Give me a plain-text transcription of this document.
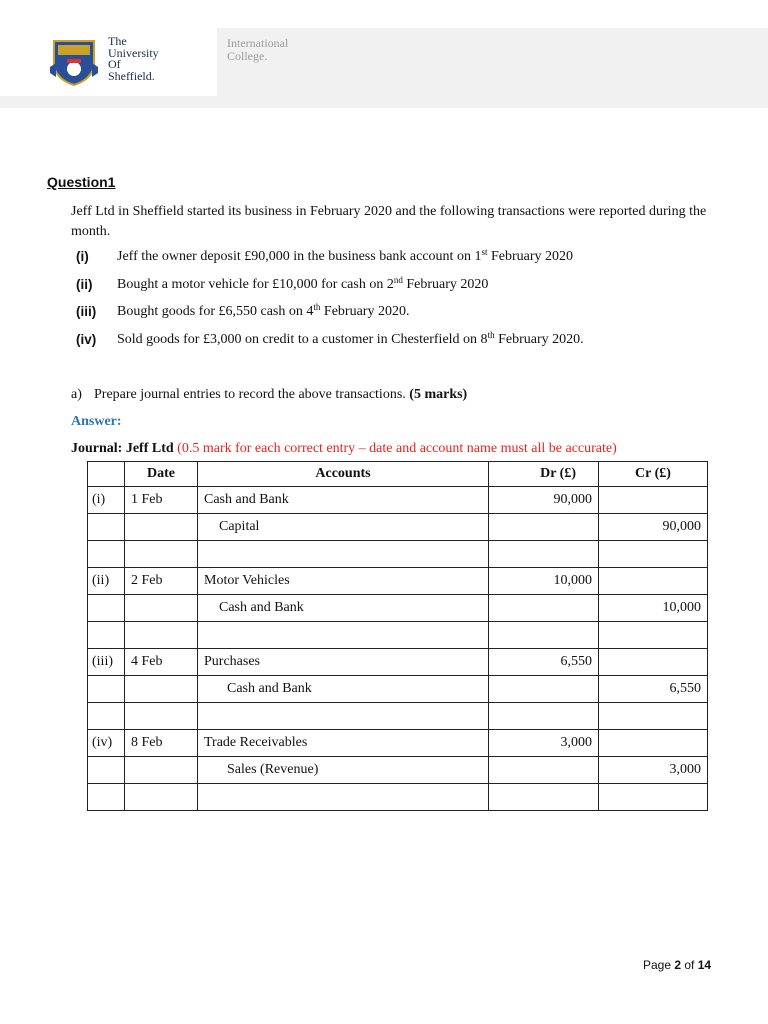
The
University
Of
Sheffield.
International
College.
Question1
Jeff Ltd in Sheffield started its business in February 2020 and the following transactions were reported during the month.
(i) Jeff the owner deposit £90,000 in the business bank account on 1st February 2020
(ii) Bought a motor vehicle for £10,000 for cash on 2nd February 2020
(iii) Bought goods for £6,550 cash on 4th February 2020.
(iv) Sold goods for £3,000 on credit to a customer in Chesterfield on 8th February 2020.
a) Prepare journal entries to record the above transactions. (5 marks)
Answer:
Journal: Jeff Ltd (0.5 mark for each correct entry – date and account name must all be accurate)
	Date	Accounts	Dr (£)	Cr (£)
(i)	1 Feb	Cash and Bank	90,000	
		Capital		90,000

(ii)	2 Feb	Motor Vehicles	10,000	
		Cash and Bank		10,000

(iii)	4 Feb	Purchases	6,550	
		Cash and Bank		6,550

(iv)	8 Feb	Trade Receivables	3,000	
		Sales (Revenue)		3,000

Page 2 of 14
